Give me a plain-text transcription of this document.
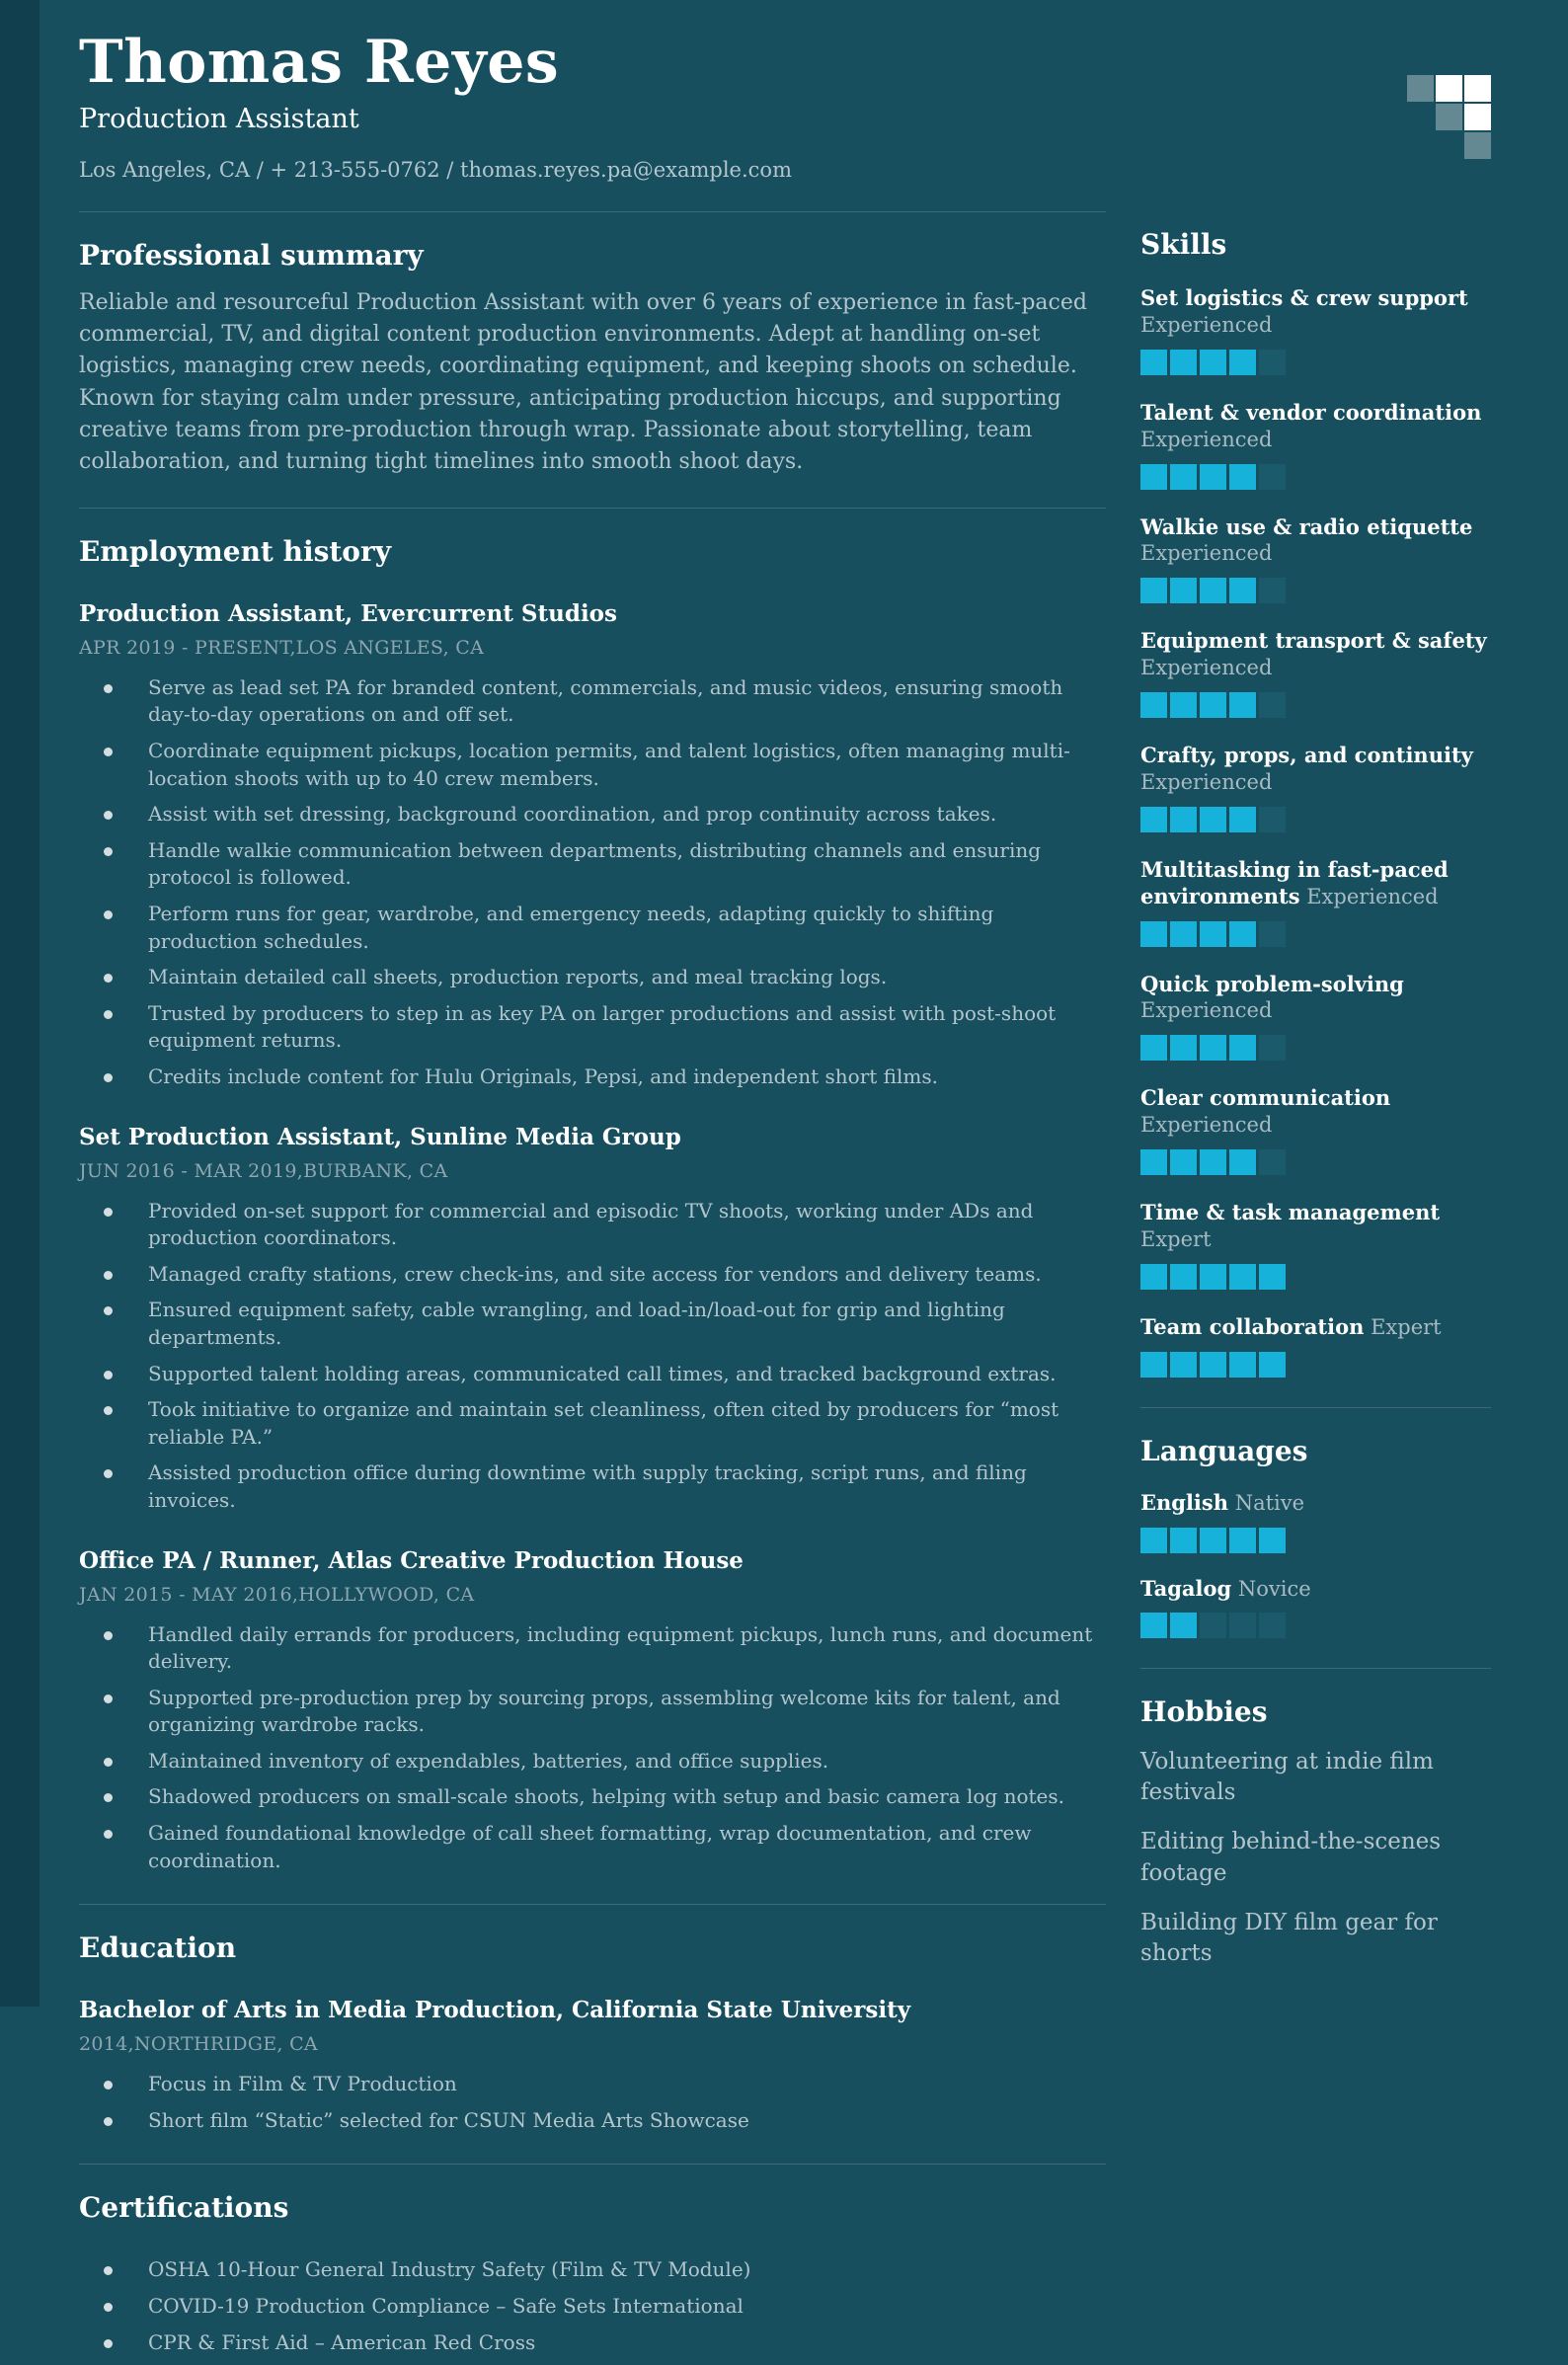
Thomas Reyes

Production Assistant

Los Angeles, CA / + 213-555-0762 / thomas.reyes.pa@example.com

Professional summary

Reliable and resourceful Production Assistant with over 6 years of experience in fast-paced commercial, TV, and digital content production environments. Adept at handling on-set logistics, managing crew needs, coordinating equipment, and keeping shoots on schedule. Known for staying calm under pressure, anticipating production hiccups, and supporting creative teams from pre-production through wrap. Passionate about storytelling, team collaboration, and turning tight timelines into smooth shoot days.

Employment history
Production Assistant, Evercurrent Studios

APR 2019 - PRESENT,LOS ANGELES, CA

Serve as lead set PA for branded content, commercials, and music videos, ensuring smooth day-to-day operations on and off set.
Coordinate equipment pickups, location permits, and talent logistics, often managing multi-location shoots with up to 40 crew members.
Assist with set dressing, background coordination, and prop continuity across takes.
Handle walkie communication between departments, distributing channels and ensuring protocol is followed.
Perform runs for gear, wardrobe, and emergency needs, adapting quickly to shifting production schedules.
Maintain detailed call sheets, production reports, and meal tracking logs.
Trusted by producers to step in as key PA on larger productions and assist with post-shoot equipment returns.
Credits include content for Hulu Originals, Pepsi, and independent short films.
Set Production Assistant, Sunline Media Group

JUN 2016 - MAR 2019,BURBANK, CA

Provided on-set support for commercial and episodic TV shoots, working under ADs and production coordinators.
Managed crafty stations, crew check-ins, and site access for vendors and delivery teams.
Ensured equipment safety, cable wrangling, and load-in/load-out for grip and lighting departments.
Supported talent holding areas, communicated call times, and tracked background extras.
Took initiative to organize and maintain set cleanliness, often cited by producers for “most reliable PA.”
Assisted production office during downtime with supply tracking, script runs, and filing invoices.
Office PA / Runner, Atlas Creative Production House

JAN 2015 - MAY 2016,HOLLYWOOD, CA

Handled daily errands for producers, including equipment pickups, lunch runs, and document delivery.
Supported pre-production prep by sourcing props, assembling welcome kits for talent, and organizing wardrobe racks.
Maintained inventory of expendables, batteries, and office supplies.
Shadowed producers on small-scale shoots, helping with setup and basic camera log notes.
Gained foundational knowledge of call sheet formatting, wrap documentation, and crew coordination.
Education
Bachelor of Arts in Media Production, California State University

2014,NORTHRIDGE, CA

Focus in Film & TV Production
Short film “Static” selected for CSUN Media Arts Showcase
Certifications
OSHA 10-Hour General Industry Safety (Film & TV Module)
COVID-19 Production Compliance – Safe Sets International
CPR & First Aid – American Red Cross
Skills

Set logistics & crew support Experienced

Talent & vendor coordination Experienced

Walkie use & radio etiquette Experienced

Equipment transport & safety Experienced

Crafty, props, and continuity Experienced

Multitasking in fast-paced environments Experienced

Quick problem-solving Experienced

Clear communication Experienced

Time & task management Expert

Team collaboration Expert

Languages

English Native

Tagalog Novice

Hobbies

Volunteering at indie film festivals

Editing behind-the-scenes footage

Building DIY film gear for shorts
